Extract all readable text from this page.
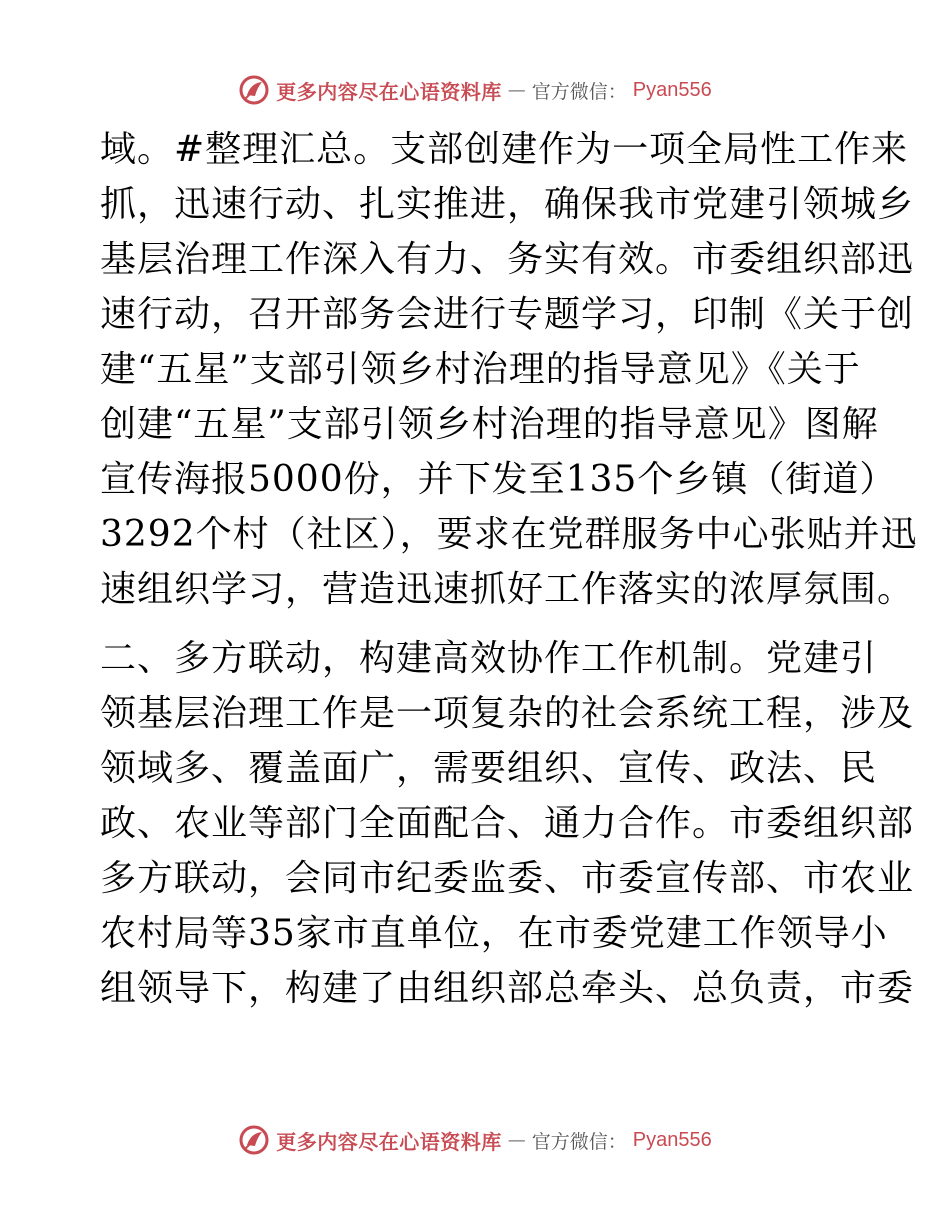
更多内容尽在心语资料库 — 官方微信： Pyan556
域。#整理汇总。支部创建作为一项全局性工作来
抓，迅速行动、扎实推进，确保我市党建引领城乡
基层治理工作深入有力、务实有效。市委组织部迅
速行动，召开部务会进行专题学习，印制《关于创
建“五星”支部引领乡村治理的指导意见》《关于
创建“五星”支部引领乡村治理的指导意见》图解
宣传海报5000份，并下发至135个乡镇（街道）
3292个村（社区），要求在党群服务中心张贴并迅
速组织学习，营造迅速抓好工作落实的浓厚氛围。
二、多方联动，构建高效协作工作机制。党建引
领基层治理工作是一项复杂的社会系统工程，涉及
领域多、覆盖面广，需要组织、宣传、政法、民
政、农业等部门全面配合、通力合作。市委组织部
多方联动，会同市纪委监委、市委宣传部、市农业
农村局等35家市直单位，在市委党建工作领导小
组领导下，构建了由组织部总牵头、总负责，市委
更多内容尽在心语资料库 — 官方微信： Pyan556
